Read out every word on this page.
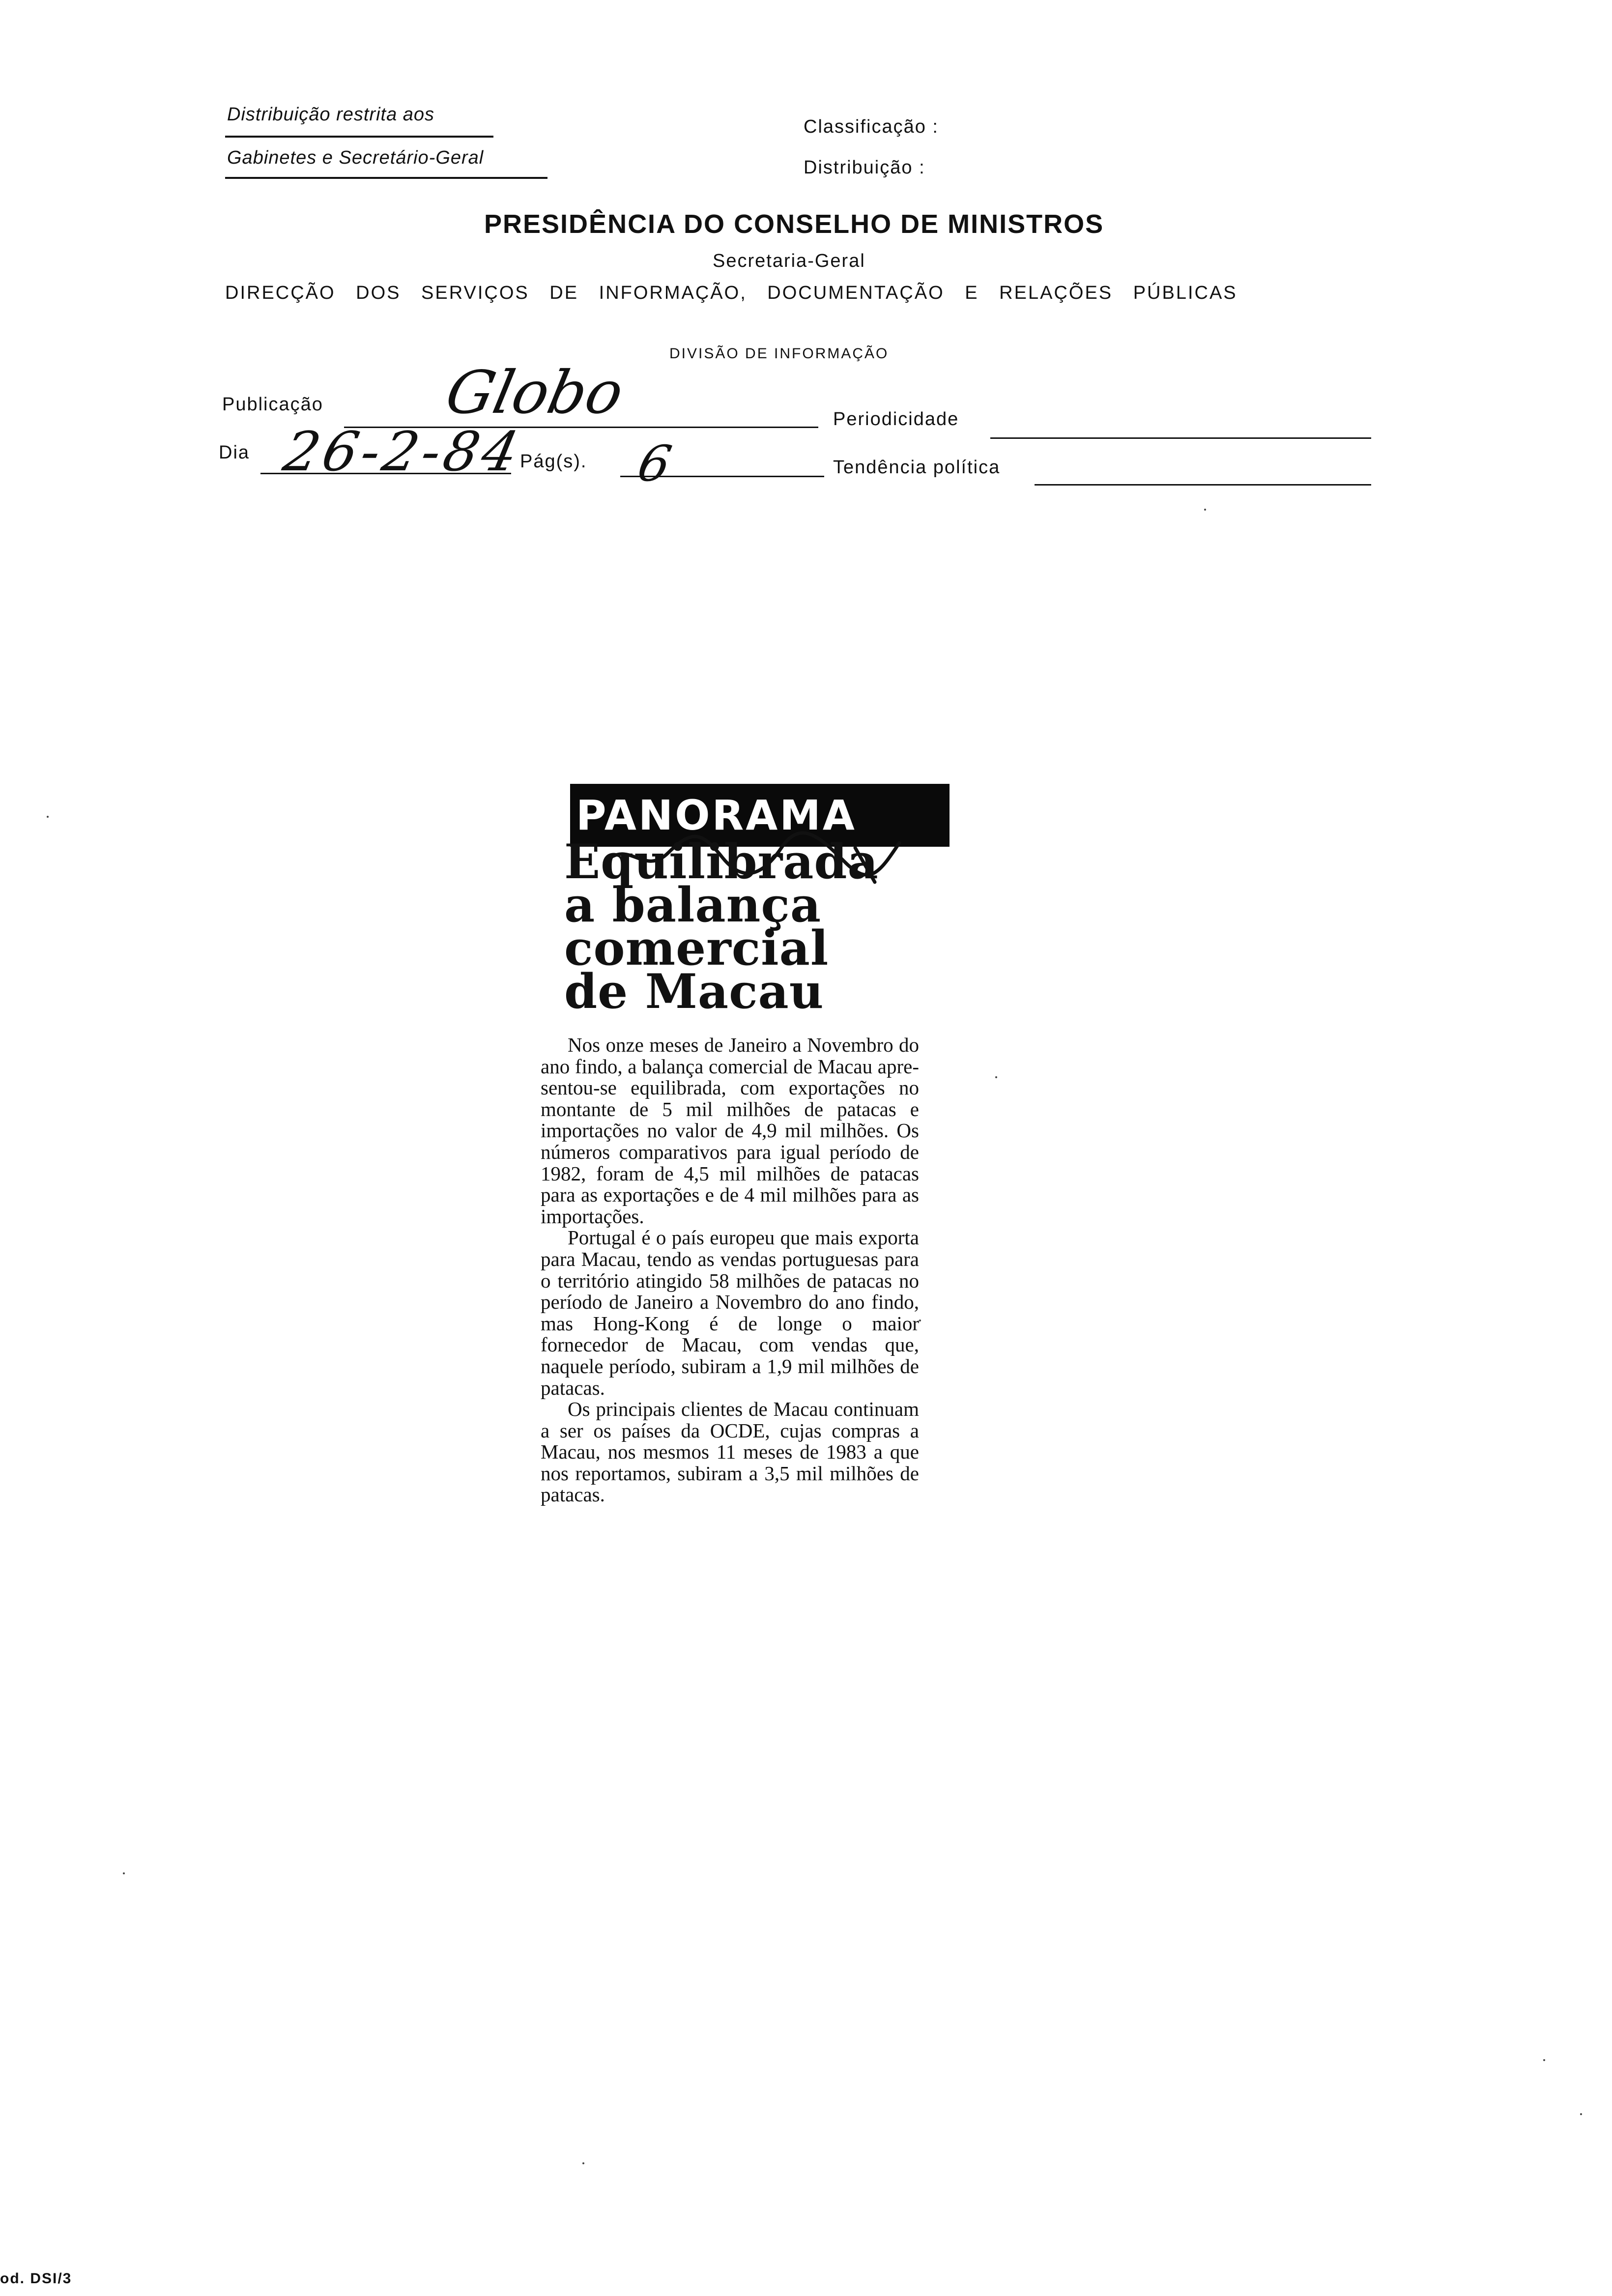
Distribuição restrita aos
Gabinetes e Secretário-Geral
Classificação :
Distribuição :
PRESIDÊNCIA DO CONSELHO DE MINISTROS
Secretaria-Geral
DIRECÇÃO DOS SERVIÇOS DE INFORMAÇÃO, DOCUMENTAÇÃO E RELAÇÕES PÚBLICAS
DIVISÃO DE INFORMAÇÃO
Publicação Globo	Periodicidade
Dia 26-2-84
Pág(s). 6	Tendência política
PANORAMA
Equilibrada
a balança
comercial
de Macau

Nos onze meses de Janeiro a Novembro do ano findo, a balança comercial de Macau apresentou-se equilibrada, com exportações no montante de 5 mil milhões de patacas e importações no valor de 4,9 mil milhões. Os números comparativos para igual período de 1982, foram de 4,5 mil milhões de patacas para as exportações e de 4 mil milhões para as importações.

Portugal é o país europeu que mais exporta para Macau, tendo as vendas portuguesas para o território atingido 58 milhões de patacas no período de Janeiro a Novembro do ano findo, mas Hong-Kong é de longe o maior fornecedor de Macau, com vendas que, naquele período, subiram a 1,9 mil milhões de patacas.

Os principais clientes de Macau continuam a ser os países da OCDE, cujas compras a Macau, nos mesmos 11 meses de 1983 a que nos reportamos, subiram a 3,5 mil milhões de patacas.

od. DSI/3
